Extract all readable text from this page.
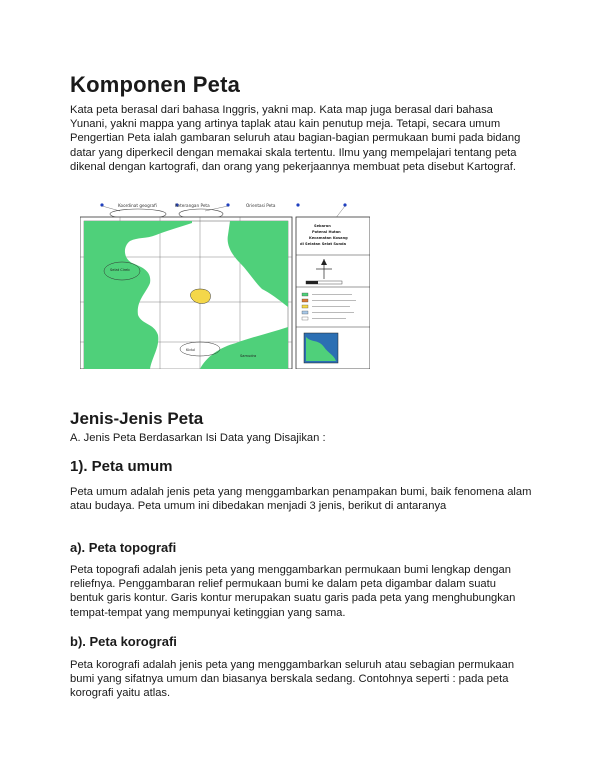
Komponen Peta

Kata peta berasal dari bahasa Inggris, yakni map. Kata map juga berasal dari bahasa Yunani, yakni mappa yang artinya taplak atau kain penutup meja. Tetapi, secara umum Pengertian Peta ialah gambaran seluruh atau bagian-bagian permukaan bumi pada bidang datar yang diperkecil dengan memakai skala tertentu. Ilmu yang mempelajari tentang peta dikenal dengan kartografi, dan orang yang pekerjaannya membuat peta disebut Kartograf.

Koordinat geografi	Keterangan Peta	Orientasi Peta
Selat Cireb
Kidul
Samudra
Sebaran
Potensi Hutan
Kecamatan Kosang
di Selatan Selat Sunda
Jenis-Jenis Peta
A. Jenis Peta Berdasarkan Isi Data yang Disajikan :
1). Peta umum

Peta umum adalah jenis peta yang menggambarkan penampakan bumi, baik fenomena alam atau budaya. Peta umum ini dibedakan menjadi 3 jenis, berikut di antaranya

a). Peta topografi

Peta topografi adalah jenis peta yang menggambarkan permukaan bumi lengkap dengan reliefnya. Penggambaran relief permukaan bumi ke dalam peta digambar dalam suatu bentuk garis kontur. Garis kontur merupakan suatu garis pada peta yang menghubungkan tempat-tempat yang mempunyai ketinggian yang sama.

b). Peta korografi

Peta korografi adalah jenis peta yang menggambarkan seluruh atau sebagian permukaan bumi yang sifatnya umum dan biasanya berskala sedang. Contohnya seperti : pada peta korografi yaitu atlas.
